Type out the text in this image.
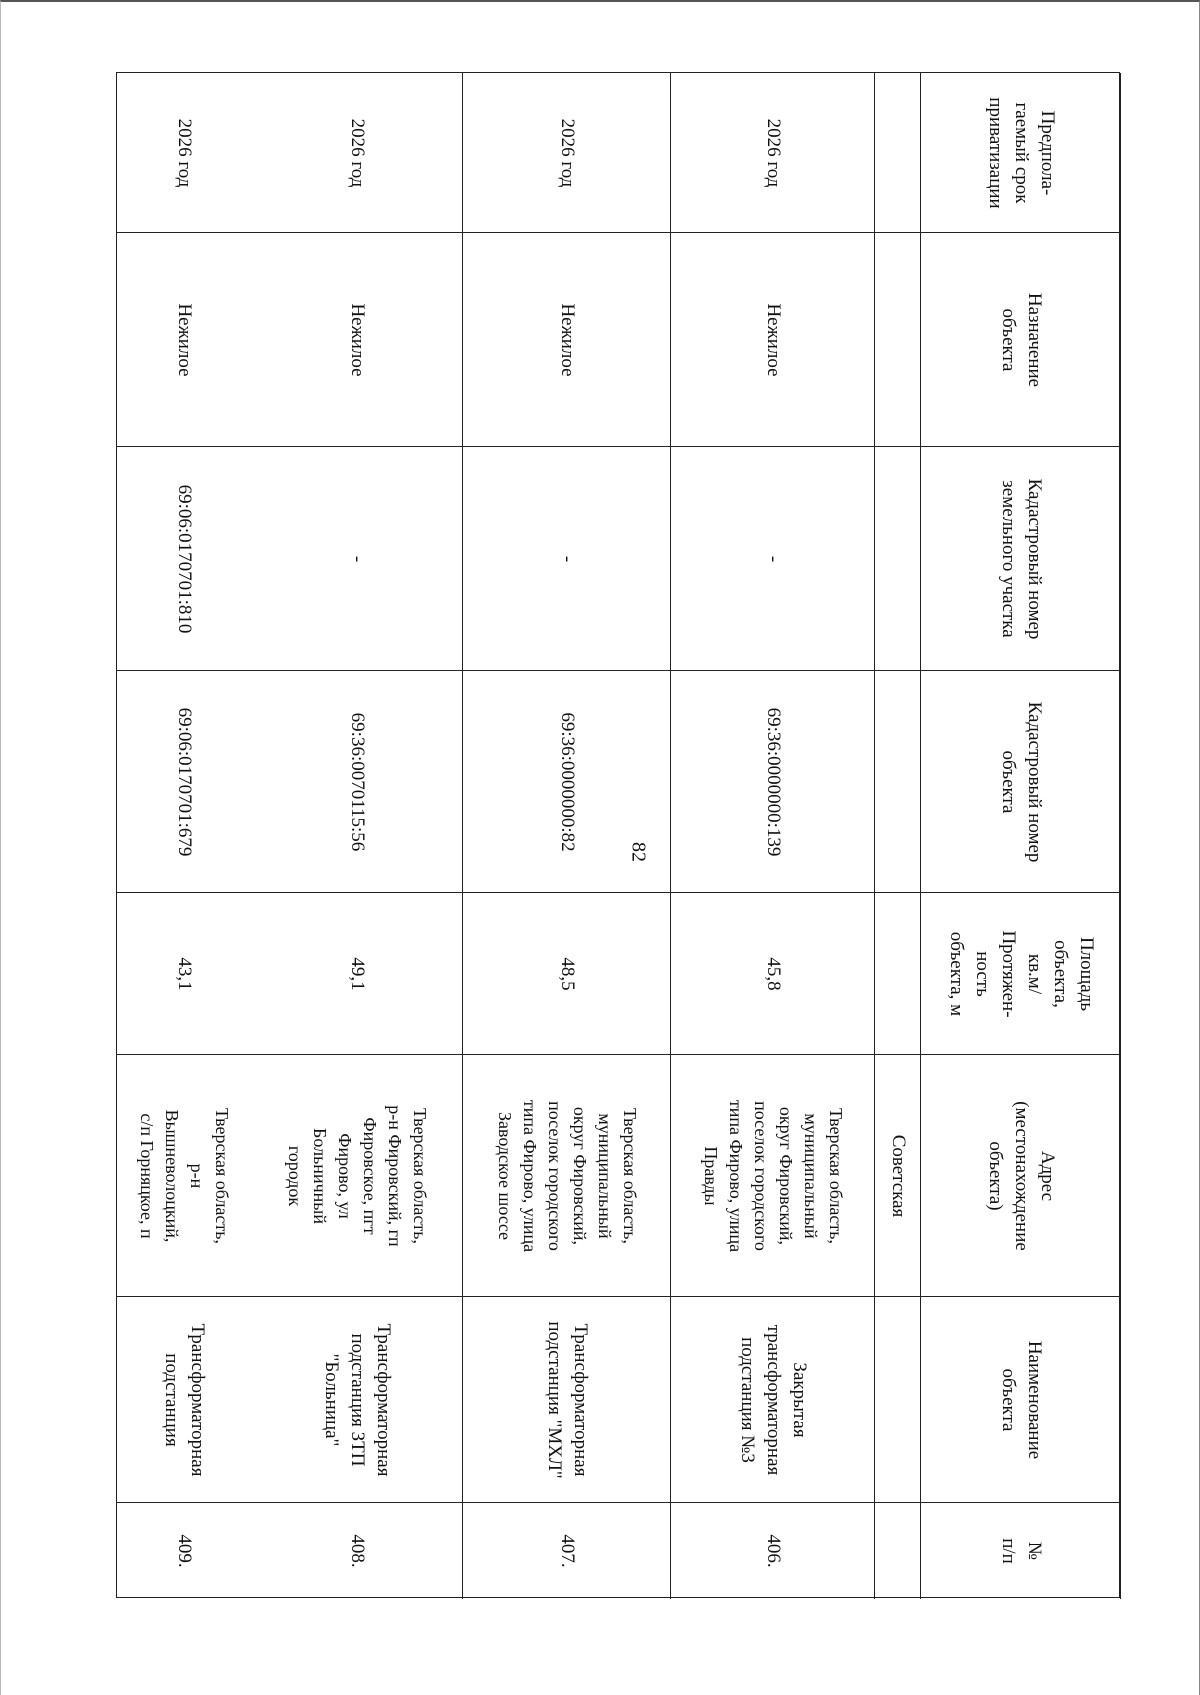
82
Предпола-
гаемый срок
приватизации
Назначение
объекта
Кадастровый номер
земельного участка
Кадастровый номер
объекта
Площадь
объекта,
кв.м/
Протяжен-
ность
объекта, м
Адрес
(местонахождение
объекта)
Наименование
объекта
№
п/п
Советская
2026 год
Нежилое
-
69:36:0000000:139
45,8
Тверская область,
муниципальный
округ Фировский,
поселок городского
типа Фирово, улица
Правды
Закрытая
трансформаторная
подстанция №3
406.
2026 год
Нежилое
-
69:36:0000000:82
48,5
Тверская область,
муниципальный
округ Фировский,
поселок городского
типа Фирово, улица
Заводское шоссе
Трансформаторная
подстанция "МХЛ"
407.
2026 год
Нежилое
-
69:36:0070115:56
49,1
Тверская область,
р-н Фировский, гп
Фировское, пгт
Фирово, ул
Больничный
городок
Трансформаторная
подстанция ЗТП
"Больница"
408.
2026 год
Нежилое
69:06:0170701:810
69:06:0170701:679
43,1
Тверская область,
р-н
Вышневолоцкий,
с/п Горняцкое, п
Трансформаторная
подстанция
409.
